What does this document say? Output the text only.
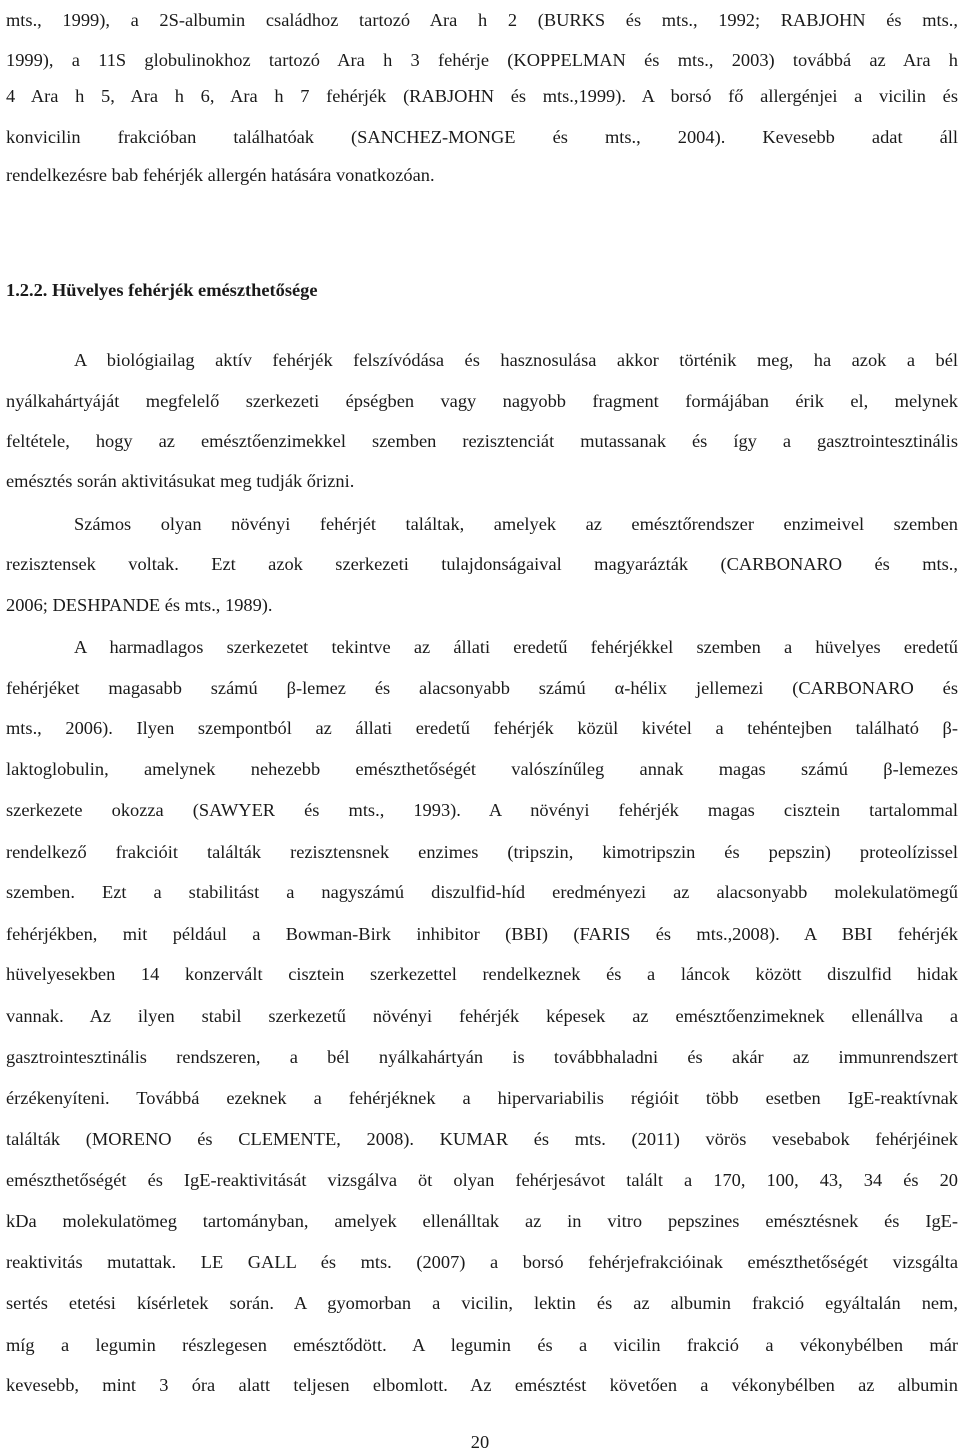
mts., 1999), a 2S-albumin családhoz tartozó Ara h 2 (BURKS és mts., 1992; RABJOHN és mts.,
1999), a 11S globulinokhoz tartozó Ara h 3 fehérje (KOPPELMAN és mts., 2003) továbbá az Ara h
4 Ara h 5, Ara h 6, Ara h 7 fehérjék (RABJOHN és mts.,1999). A borsó fő allergénjei a vicilin és
konvicilin frakcióban találhatóak (SANCHEZ-MONGE és mts., 2004). Kevesebb adat áll
rendelkezésre bab fehérjék allergén hatására vonatkozóan.
1.2.2. Hüvelyes fehérjék emészthetősége
A biológiailag aktív fehérjék felszívódása és hasznosulása akkor történik meg, ha azok a bél
nyálkahártyáját megfelelő szerkezeti épségben vagy nagyobb fragment formájában érik el, melynek
feltétele, hogy az emésztőenzimekkel szemben rezisztenciát mutassanak és így a gasztrointesztinális
emésztés során aktivitásukat meg tudják őrizni.
Számos olyan növényi fehérjét találtak, amelyek az emésztőrendszer enzimeivel szemben
rezisztensek voltak. Ezt azok szerkezeti tulajdonságaival magyarázták (CARBONARO és mts.,
2006; DESHPANDE és mts., 1989).
A harmadlagos szerkezetet tekintve az állati eredetű fehérjékkel szemben a hüvelyes eredetű
fehérjéket magasabb számú β-lemez és alacsonyabb számú α-hélix jellemezi (CARBONARO és
mts., 2006). Ilyen szempontból az állati eredetű fehérjék közül kivétel a tehéntejben található β-
laktoglobulin, amelynek nehezebb emészthetőségét valószínűleg annak magas számú β-lemezes
szerkezete okozza (SAWYER és mts., 1993). A növényi fehérjék magas cisztein tartalommal
rendelkező frakcióit találták rezisztensnek enzimes (tripszin, kimotripszin és pepszin) proteolízissel
szemben. Ezt a stabilitást a nagyszámú diszulfid-híd eredményezi az alacsonyabb molekulatömegű
fehérjékben, mit például a Bowman-Birk inhibitor (BBI) (FARIS és mts.,2008). A BBI fehérjék
hüvelyesekben 14 konzervált cisztein szerkezettel rendelkeznek és a láncok között diszulfid hidak
vannak. Az ilyen stabil szerkezetű növényi fehérjék képesek az emésztőenzimeknek ellenállva a
gasztrointesztinális rendszeren, a bél nyálkahártyán is továbbhaladni és akár az immunrendszert
érzékenyíteni. Továbbá ezeknek a fehérjéknek a hipervariabilis régióit több esetben IgE-reaktívnak
találták (MORENO és CLEMENTE, 2008). KUMAR és mts. (2011) vörös vesebabok fehérjéinek
emészthetőségét és IgE-reaktivitását vizsgálva öt olyan fehérjesávot talált a 170, 100, 43, 34 és 20
kDa molekulatömeg tartományban, amelyek ellenálltak az in vitro pepszines emésztésnek és IgE-
reaktivitás mutattak. LE GALL és mts. (2007) a borsó fehérjefrakcióinak emészthetőségét vizsgálta
sertés etetési kísérletek során. A gyomorban a vicilin, lektin és az albumin frakció egyáltalán nem,
míg a legumin részlegesen emésztődött. A legumin és a vicilin frakció a vékonybélben már
kevesebb, mint 3 óra alatt teljesen elbomlott. Az emésztést követően a vékonybélben az albumin
20
